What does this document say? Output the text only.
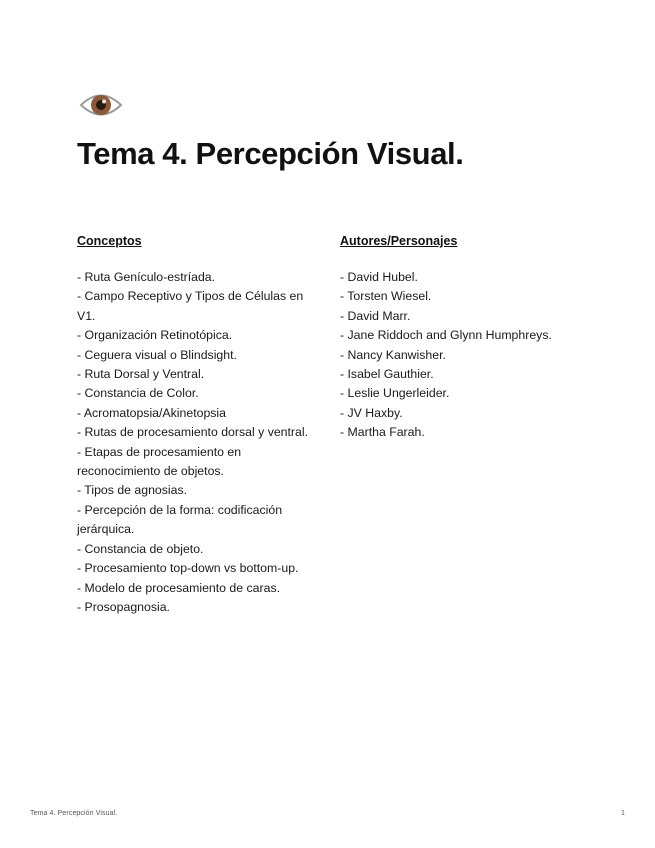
Tema 4. Percepción Visual.

Conceptos

- Ruta Genículo-estríada.
- Campo Receptivo y Tipos de Células en V1.
- Organización Retinotópica.
- Ceguera visual o Blindsight.
- Ruta Dorsal y Ventral.
- Constancia de Color.
- Acromatopsia/Akinetopsia
- Rutas de procesamiento dorsal y ventral.
- Etapas de procesamiento en reconocimiento de objetos.
- Tipos de agnosias.
- Percepción de la forma: codificación jerárquica.
- Constancia de objeto.
- Procesamiento top-down vs bottom-up.
- Modelo de procesamiento de caras.
- Prosopagnosia.

Autores/Personajes

- David Hubel.
- Torsten Wiesel.
- David Marr.
- Jane Riddoch and Glynn Humphreys.
- Nancy Kanwisher.
- Isabel Gauthier.
- Leslie Ungerleider.
- JV Haxby.
- Martha Farah.
Tema 4. Percepción Visual.	1
